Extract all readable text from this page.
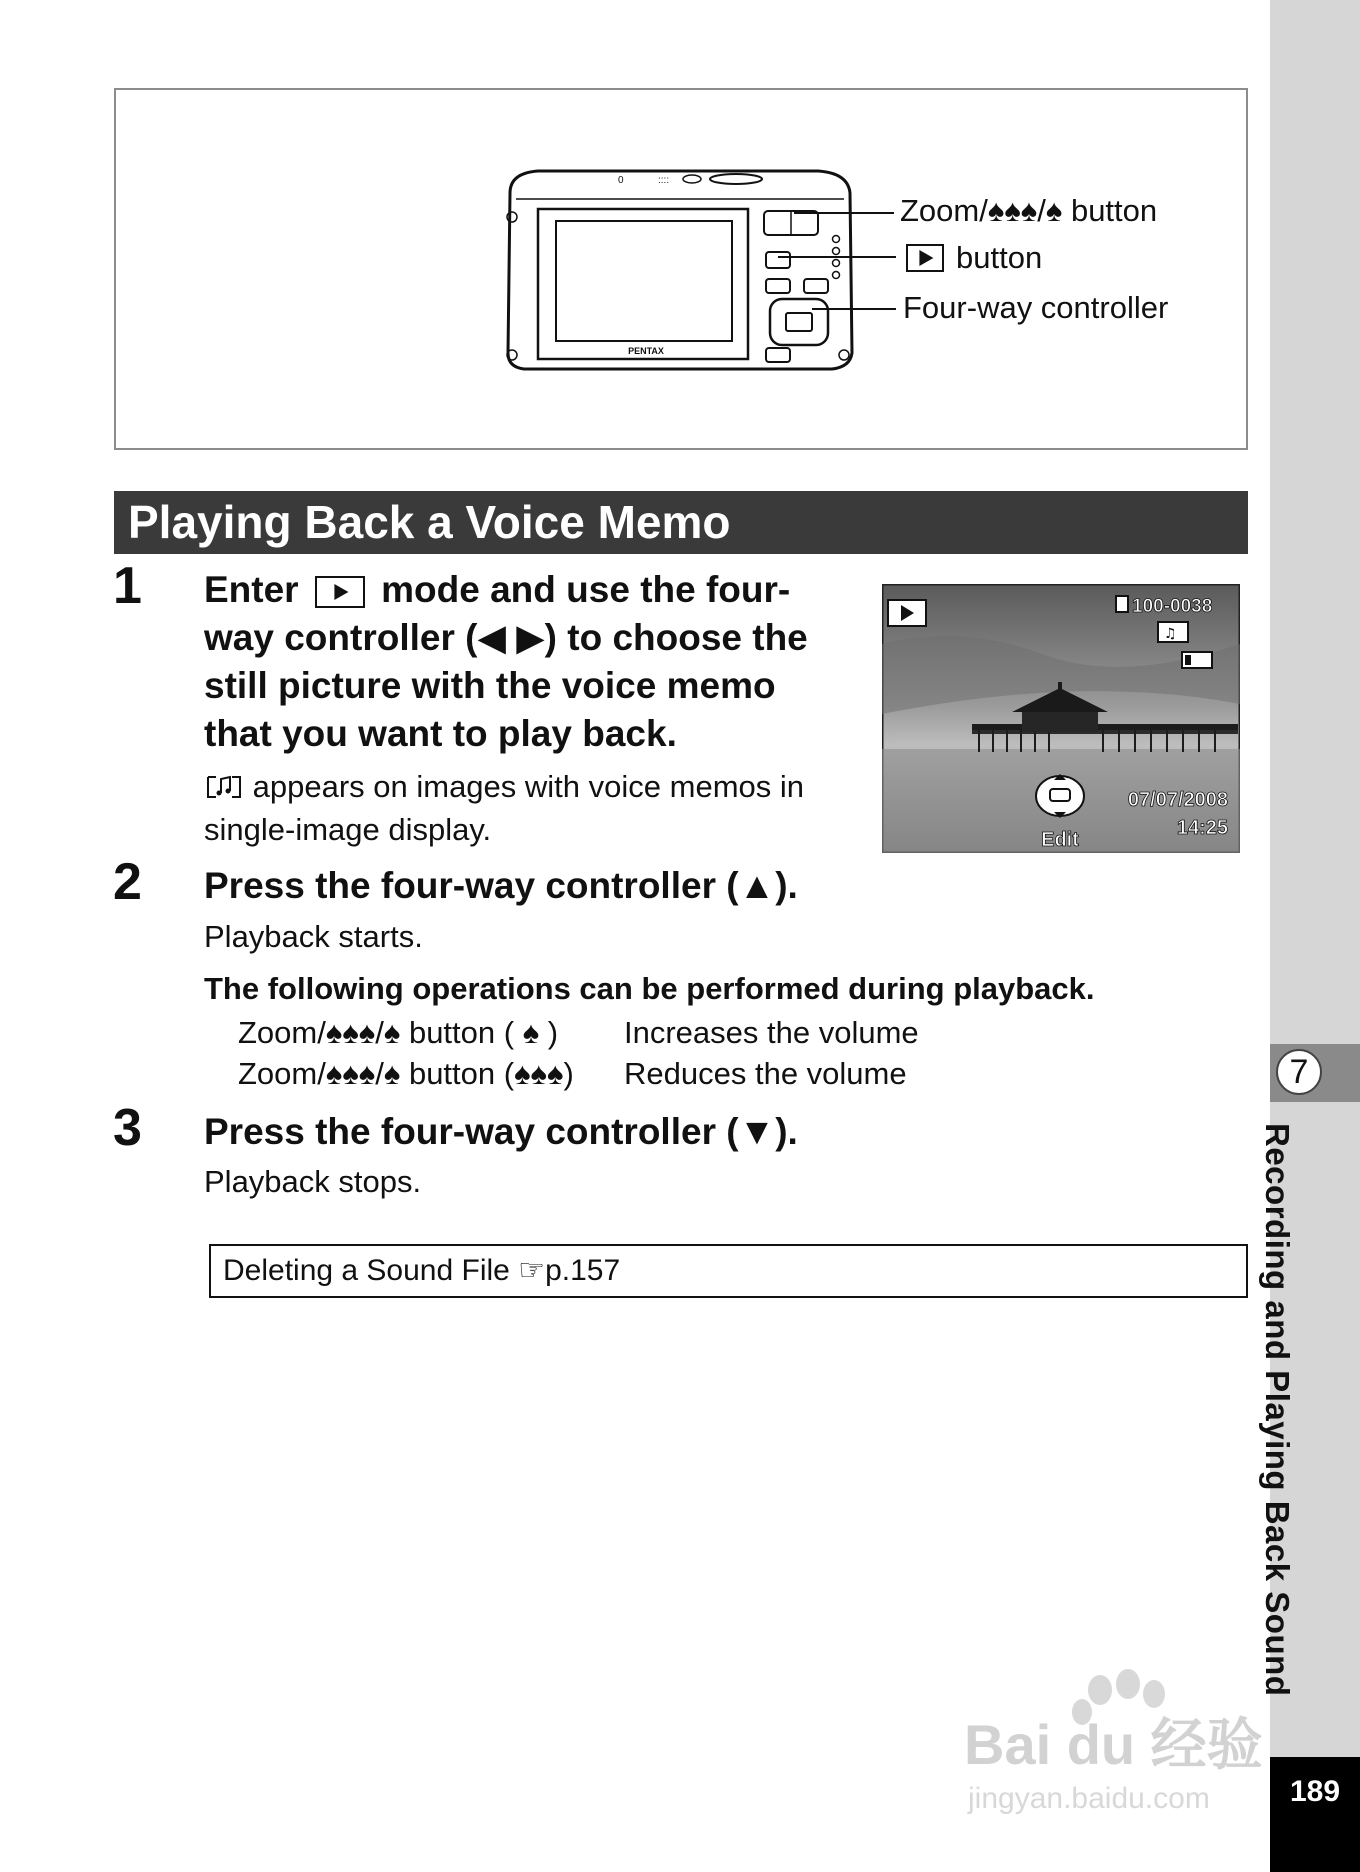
7
Recording and Playing Back Sound
189
PENTAX
0	::::
Zoom/♠♠♠/♠ button
button
Four-way controller
Playing Back a Voice Memo
1 Enter mode and use the four-
way controller (◀ ▶) to choose the
still picture with the voice memo
that you want to play back.
appears on images with voice memos in
single-image display.
100-0038
♫
Edit
07/07/2008
14:25
2 Press the four-way controller (▲).
Playback starts.
The following operations can be performed during playback.
Zoom/♠♠♠/♠ button ( ♠ ) Increases the volume
Zoom/♠♠♠/♠ button (♠♠♠) Reduces the volume
3 Press the four-way controller (▼).
Playback stops.
Deleting a Sound File ☞p.157
Bai du 经验
jingyan.baidu.com
